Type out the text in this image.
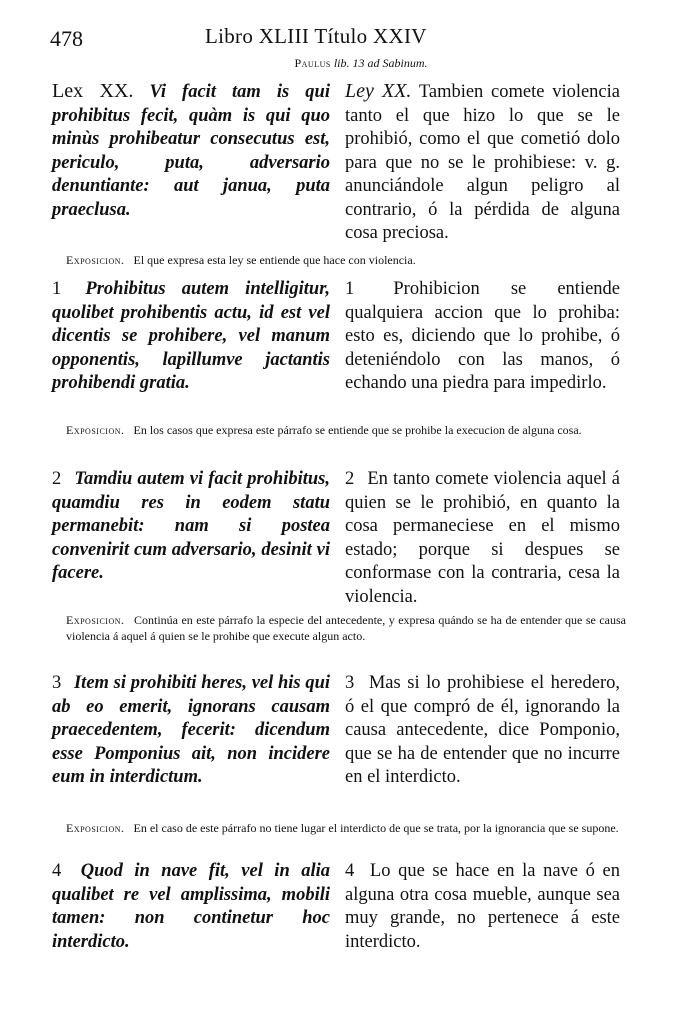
478	Libro XLIII Título XXIV
Paulus lib. 13 ad Sabinum.
Lex XX. Vi facit tam is qui prohibitus fecit, quàm is qui quo minùs prohibeatur consecutus est, periculo, puta, adversario denuntiante: aut janua, puta praeclusa.
Ley XX. Tambien comete violencia tanto el que hizo lo que se le prohibió, como el que cometió dolo para que no se le prohibiese: v. g. anunciándole algun peligro al contrario, ó la pérdida de alguna cosa preciosa.
Exposicion. El que expresa esta ley se entiende que hace con violencia.
1 Prohibitus autem intelligitur, quolibet prohibentis actu, id est vel dicentis se prohibere, vel manum opponentis, lapillumve jactantis prohibendi gratia.
1 Prohibicion se entiende qualquiera accion que lo prohiba: esto es, diciendo que lo prohibe, ó deteniéndolo con las manos, ó echando una piedra para impedirlo.
Exposicion. En los casos que expresa este párrafo se entiende que se prohibe la execucion de alguna cosa.
2 Tamdiu autem vi facit prohibitus, quamdiu res in eodem statu permanebit: nam si postea convenirit cum adversario, desinit vi facere.
2 En tanto comete violencia aquel á quien se le prohibió, en quanto la cosa permaneciese en el mismo estado; porque si despues se conformase con la contraria, cesa la violencia.
Exposicion. Continúa en este párrafo la especie del antecedente, y expresa quándo se ha de entender que se causa violencia á aquel á quien se le prohibe que execute algun acto.
3 Item si prohibiti heres, vel his qui ab eo emerit, ignorans causam praecedentem, fecerit: dicendum esse Pomponius ait, non incidere eum in interdictum.
3 Mas si lo prohibiese el heredero, ó el que compró de él, ignorando la causa antecedente, dice Pomponio, que se ha de entender que no incurre en el interdicto.
Exposicion. En el caso de este párrafo no tiene lugar el interdicto de que se trata, por la ignorancia que se supone.
4 Quod in nave fit, vel in alia qualibet re vel amplissima, mobili tamen: non continetur hoc interdicto.
4 Lo que se hace en la nave ó en alguna otra cosa mueble, aunque sea muy grande, no pertenece á este interdicto.
